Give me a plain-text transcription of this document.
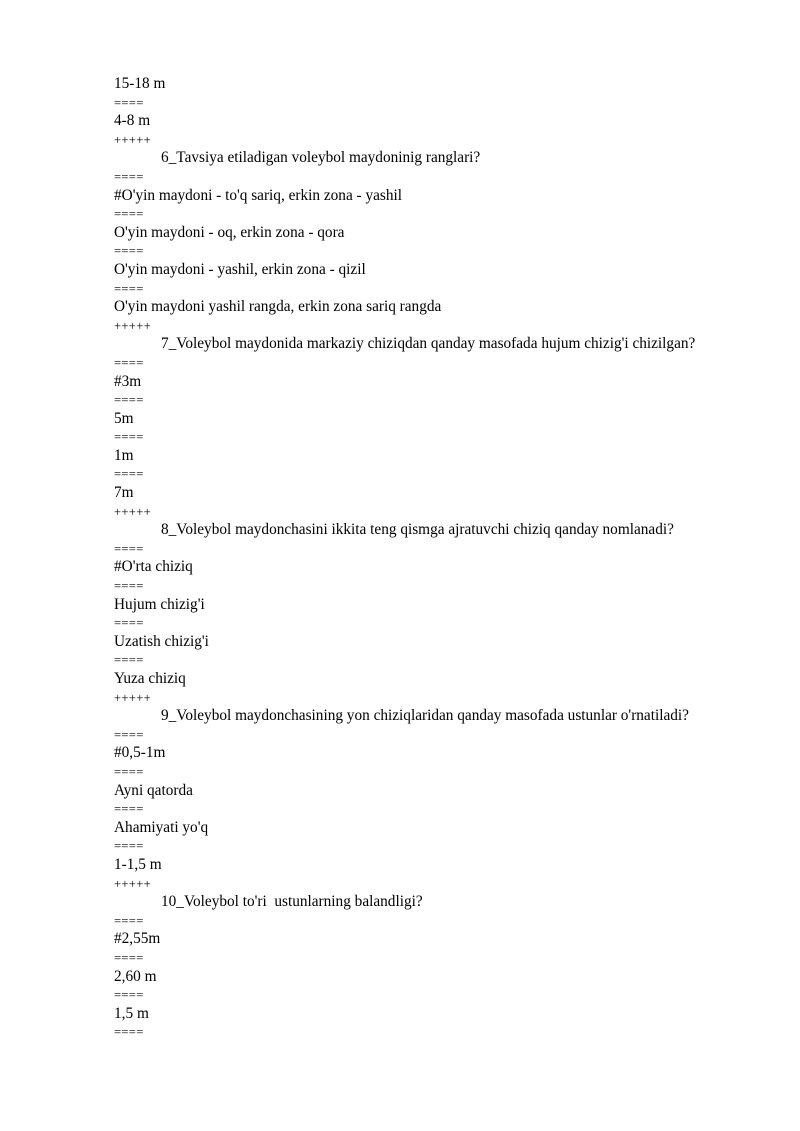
15-18 m
====
4-8 m
+++++
6_Tavsiya etiladigan voleybol maydoninig ranglari?
====
#O'yin maydoni - to'q sariq, erkin zona - yashil
====
O'yin maydoni - oq, erkin zona - qora
====
O'yin maydoni - yashil, erkin zona - qizil
====
O'yin maydoni yashil rangda, erkin zona sariq rangda
+++++
7_Voleybol maydonida markaziy chiziqdan qanday masofada hujum chizig'i chizilgan?
====
#3m
====
5m
====
1m
====
7m
+++++
8_Voleybol maydonchasini ikkita teng qismga ajratuvchi chiziq qanday nomlanadi?
====
#O'rta chiziq
====
Hujum chizig'i
====
Uzatish chizig'i
====
Yuza chiziq
+++++
9_Voleybol maydonchasining yon chiziqlaridan qanday masofada ustunlar o'rnatiladi?
====
#0,5-1m
====
Ayni qatorda
====
Ahamiyati yo'q
====
1-1,5 m
+++++
10_Voleybol to'ri  ustunlarning balandligi?
====
#2,55m
====
2,60 m
====
1,5 m
====
